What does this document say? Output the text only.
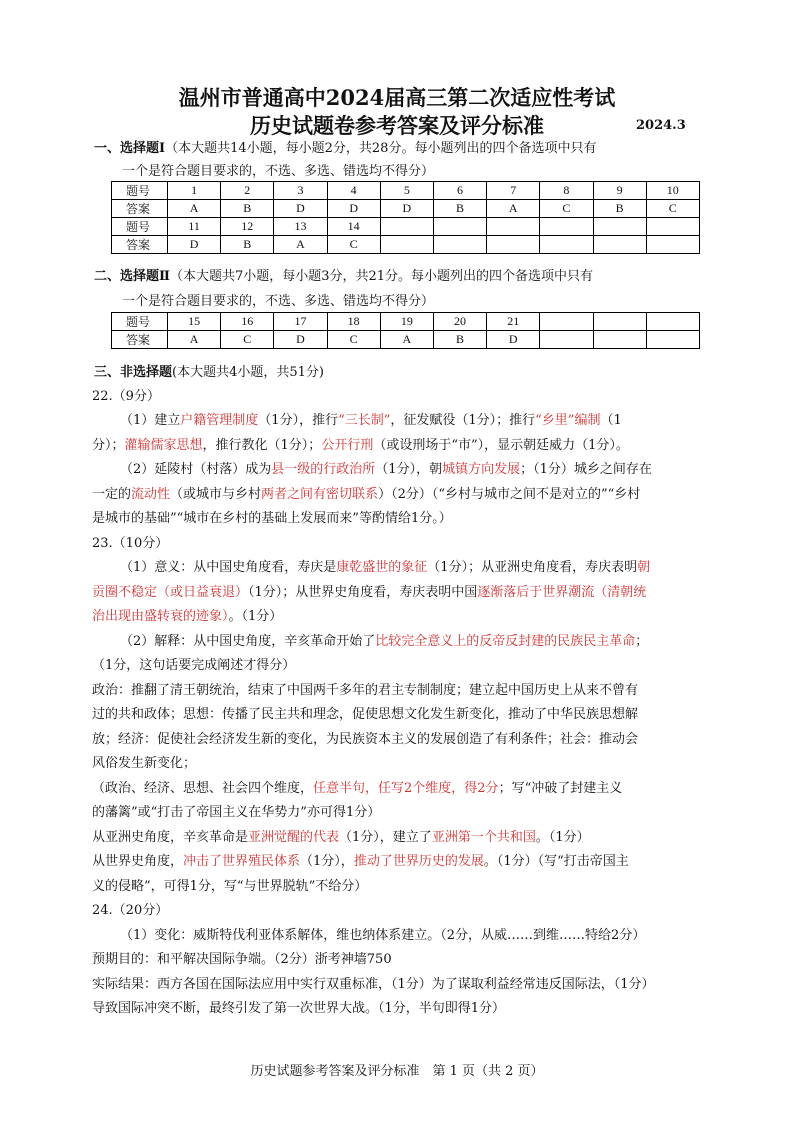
温州市普通高中2024届高三第二次适应性考试
历史试题卷参考答案及评分标准	2024.3
一、选择题Ⅰ（本大题共14小题，每小题2分，共28分。每小题列出的四个备选项中只有
一个是符合题目要求的，不选、多选、错选均不得分）
题号	1	2	3	4	5	6	7	8	9	10
答案	A	B	D	D	D	B	A	C	B	C
题号	11	12	13	14						
答案	D	B	A	C						
二、选择题Ⅱ（本大题共7小题，每小题3分，共21分。每小题列出的四个备选项中只有
一个是符合题目要求的，不选、多选、错选均不得分）
题号	15	16	17	18	19	20	21			
答案	A	C	D	C	A	B	D			
三、非选择题(本大题共4小题，共51分)
22.（9分）
（1）建立户籍管理制度（1分），推行“三长制”，征发赋役（1分）；推行“乡里”编制（1
分）；灌输儒家思想，推行教化（1分）；公开行刑（或设刑场于“市”），显示朝廷威力（1分）。
（2）延陵村（村落）成为县一级的行政治所（1分），朝城镇方向发展；（1分）城乡之间存在
一定的流动性（或城市与乡村两者之间有密切联系）（2分）（“乡村与城市之间不是对立的”“乡村
是城市的基础”“城市在乡村的基础上发展而来”等酌情给1分。）
23.（10分）
（1）意义：从中国史角度看，寿庆是康乾盛世的象征（1分）；从亚洲史角度看，寿庆表明朝
贡圈不稳定（或日益衰退）（1分）；从世界史角度看，寿庆表明中国逐渐落后于世界潮流（清朝统
治出现由盛转衰的迹象）。（1分）
（2）解释：从中国史角度，辛亥革命开始了比较完全意义上的反帝反封建的民族民主革命；
（1分，这句话要完成阐述才得分）
政治：推翻了清王朝统治，结束了中国两千多年的君主专制制度；建立起中国历史上从来不曾有
过的共和政体；思想：传播了民主共和理念，促使思想文化发生新变化，推动了中华民族思想解
放；经济：促使社会经济发生新的变化，为民族资本主义的发展创造了有利条件；社会：推动会
风俗发生新变化；
（政治、经济、思想、社会四个维度，任意半句，任写2个维度，得2分；写“冲破了封建主义
的藩篱”或“打击了帝国主义在华势力”亦可得1分）
从亚洲史角度，辛亥革命是亚洲觉醒的代表（1分），建立了亚洲第一个共和国。（1分）
从世界史角度，冲击了世界殖民体系（1分），推动了世界历史的发展。（1分）（写“打击帝国主
义的侵略”，可得1分，写“与世界脱轨”不给分）
24.（20分）
（1）变化：威斯特伐利亚体系解体，维也纳体系建立。（2分，从威……到维……特给2分）
预期目的：和平解决国际争端。（2分）浙考神墙750
实际结果：西方各国在国际法应用中实行双重标准，（1分）为了谋取利益经常违反国际法，（1分）
导致国际冲突不断，最终引发了第一次世界大战。（1分，半句即得1分）
历史试题参考答案及评分标准　第 1 页（共 2 页）
